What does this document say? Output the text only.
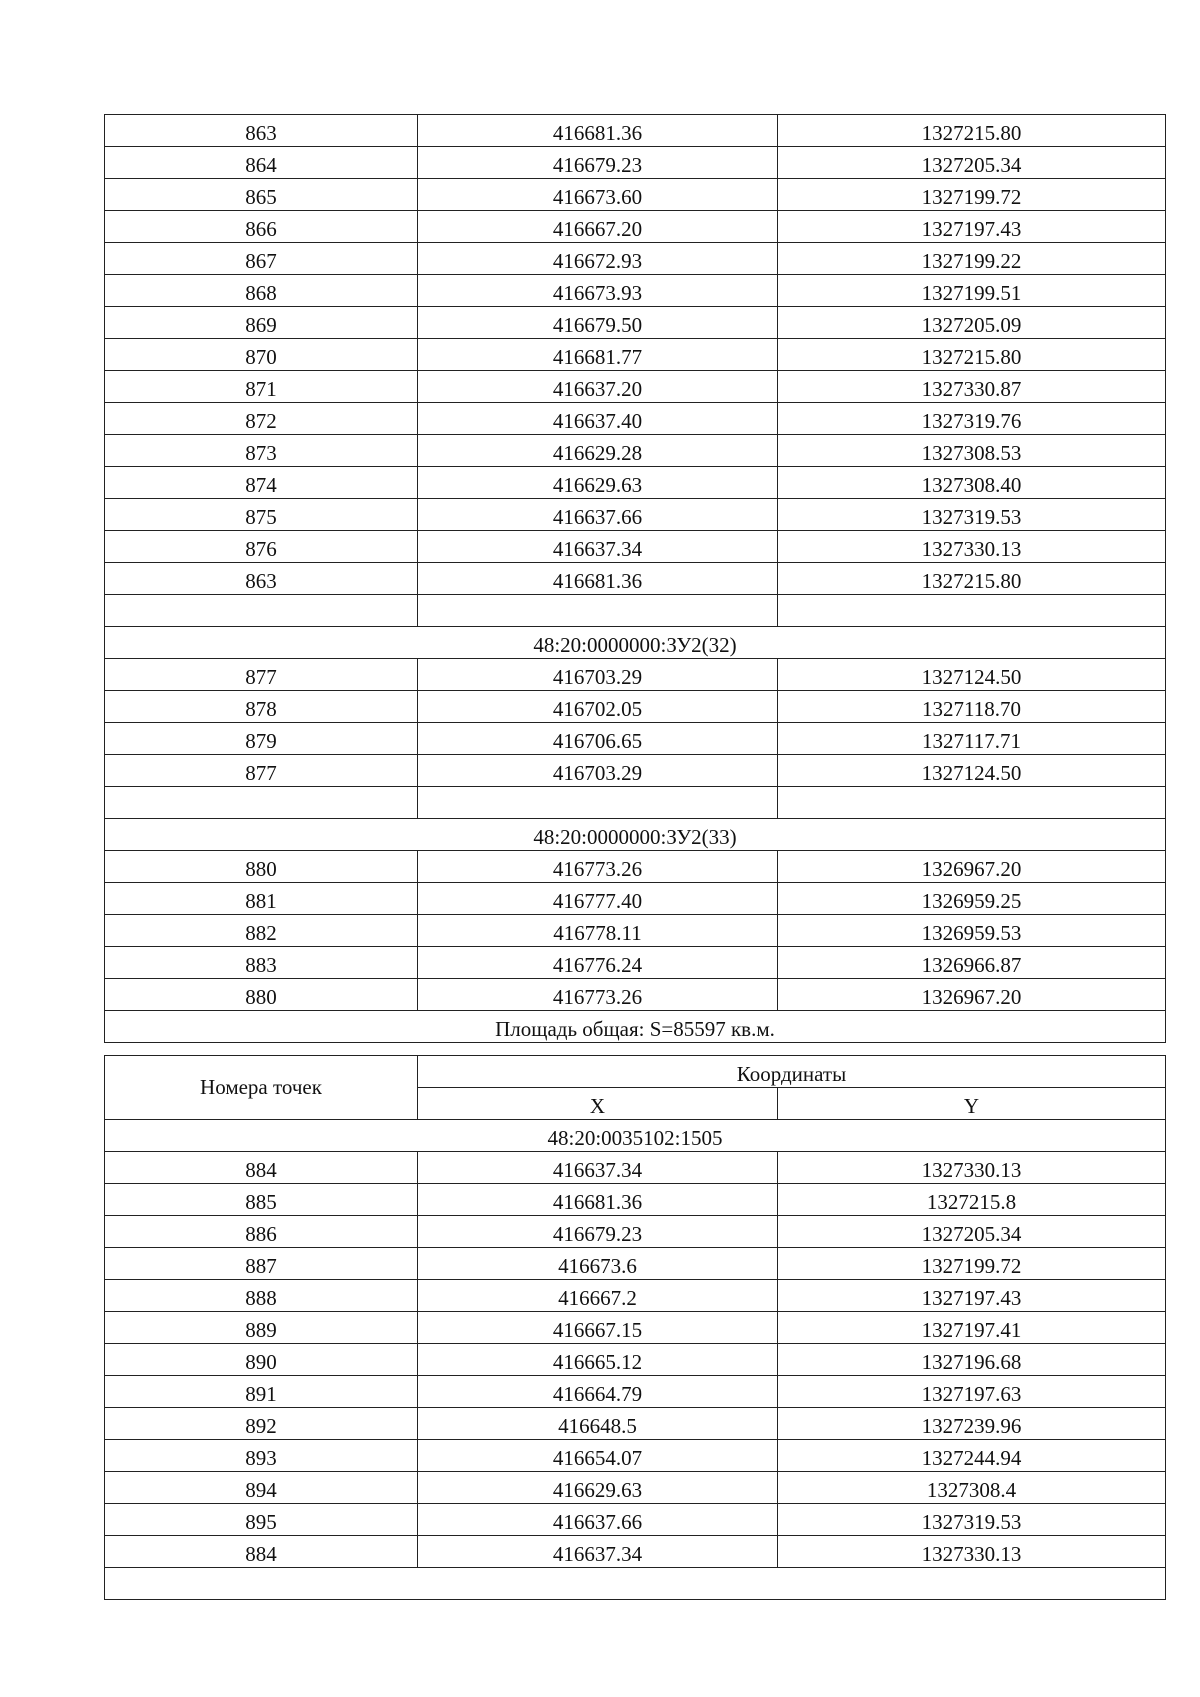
863	416681.36	1327215.80
864	416679.23	1327205.34
865	416673.60	1327199.72
866	416667.20	1327197.43
867	416672.93	1327199.22
868	416673.93	1327199.51
869	416679.50	1327205.09
870	416681.77	1327215.80
871	416637.20	1327330.87
872	416637.40	1327319.76
873	416629.28	1327308.53
874	416629.63	1327308.40
875	416637.66	1327319.53
876	416637.34	1327330.13
863	416681.36	1327215.80

48:20:0000000:ЗУ2(32)		
877	416703.29	1327124.50
878	416702.05	1327118.70
879	416706.65	1327117.71
877	416703.29	1327124.50

48:20:0000000:ЗУ2(33)		
880	416773.26	1326967.20
881	416777.40	1326959.25
882	416778.11	1326959.53
883	416776.24	1326966.87
880	416773.26	1326967.20
Площадь общая: S=85597 кв.м.		
Номера точек	Координаты	
	X	Y
48:20:0035102:1505		
884	416637.34	1327330.13
885	416681.36	1327215.8
886	416679.23	1327205.34
887	416673.6	1327199.72
888	416667.2	1327197.43
889	416667.15	1327197.41
890	416665.12	1327196.68
891	416664.79	1327197.63
892	416648.5	1327239.96
893	416654.07	1327244.94
894	416629.63	1327308.4
895	416637.66	1327319.53
884	416637.34	1327330.13
